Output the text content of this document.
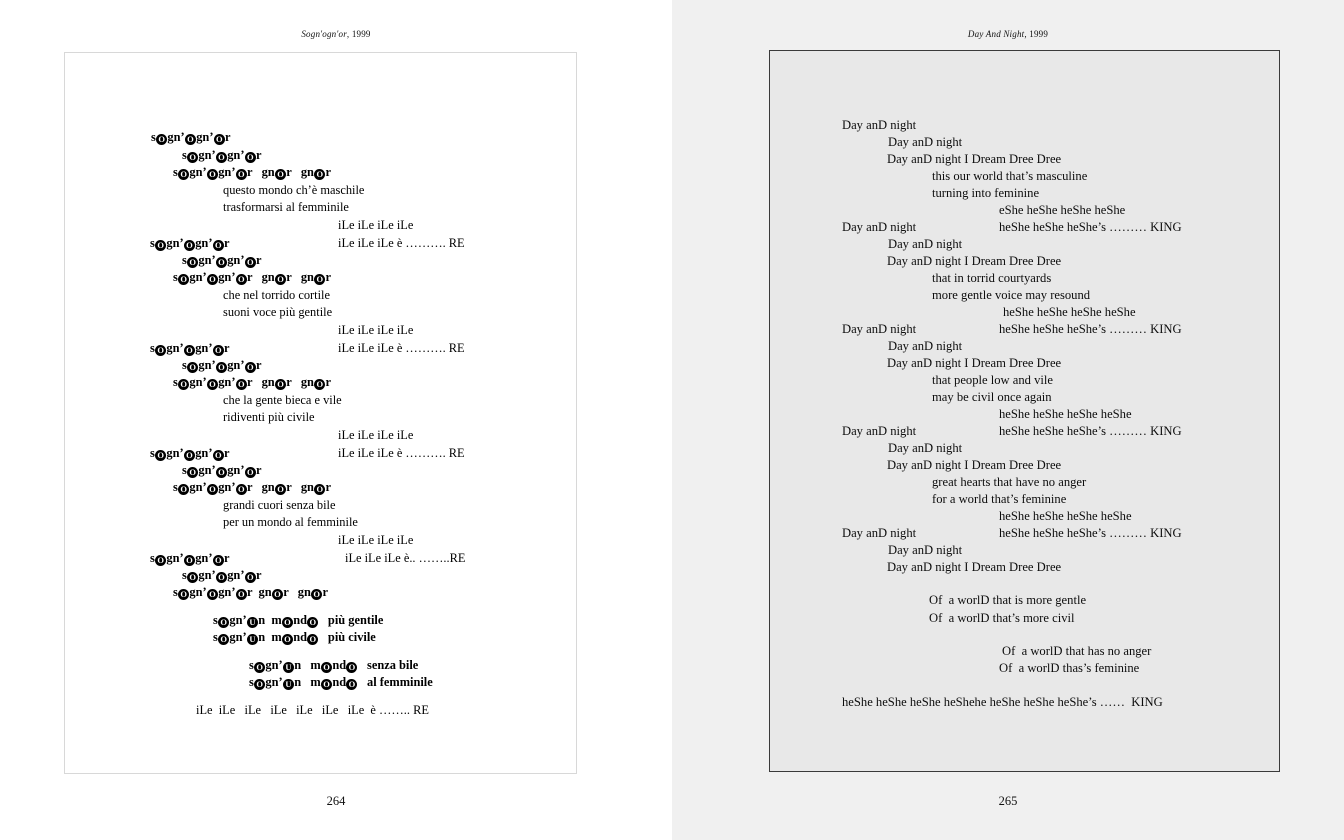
Sogn'ogn'or, 1999
s O gn’ O gn’ O r
s O gn’ O gn’ O r
s O gn’ O gn’ O r   gn O r   gn O r
questo mondo ch’è maschile
trasformarsi al femminile
iLe iLe iLe iLe
s O gn’ O gn’ O r	iLe iLe iLe è ………. RE
s O gn’ O gn’ O r
s O gn’ O gn’ O r   gn O r   gn O r
che nel torrido cortile
suoni voce più gentile
iLe iLe iLe iLe
s O gn’ O gn’ O r	iLe iLe iLe è ………. RE
s O gn’ O gn’ O r
s O gn’ O gn’ O r   gn O r   gn O r
che la gente bieca e vile
ridiventi più civile
iLe iLe iLe iLe
s O gn’ O gn’ O r	iLe iLe iLe è ………. RE
s O gn’ O gn’ O r
s O gn’ O gn’ O r   gn O r   gn O r
grandi cuori senza bile
per un mondo al femminile
iLe iLe iLe iLe
s O gn’ O gn’ O r	iLe iLe iLe è.. ……..RE
s O gn’ O gn’ O r
s O gn’ O gn’ O r  gn O r   gn O r
s O gn’ U n  m O nd O   più gentile
s O gn’ U n  m O nd O   più civile
s O gn’ U n   m O nd O   senza bile
s O gn’ U n   m O nd O   al femminile
iLe  iLe   iLe   iLe   iLe   iLe   iLe  è …….. RE
264
Day And Night, 1999
265
Day anD night
Day anD night
Day anD night I Dream Dree Dree
this our world that’s masculine
turning into feminine
eShe heShe heShe heShe
Day anD night	heShe heShe heShe’s ……… KING
Day anD night
Day anD night I Dream Dree Dree
that in torrid courtyards
more gentle voice may resound
heShe heShe heShe heShe
Day anD night	heShe heShe heShe’s ……… KING
Day anD night
Day anD night I Dream Dree Dree
that people low and vile
may be civil once again
heShe heShe heShe heShe
Day anD night	heShe heShe heShe’s ……… KING
Day anD night
Day anD night I Dream Dree Dree
great hearts that have no anger
for a world that’s feminine
heShe heShe heShe heShe
Day anD night	heShe heShe heShe’s ……… KING
Day anD night
Day anD night I Dream Dree Dree
Of  a worlD that is more gentle
Of  a worlD that’s more civil
Of  a worlD that has no anger
Of  a worlD thas’s feminine
heShe heShe heShe heShehe heShe heShe heShe’s ……  KING
